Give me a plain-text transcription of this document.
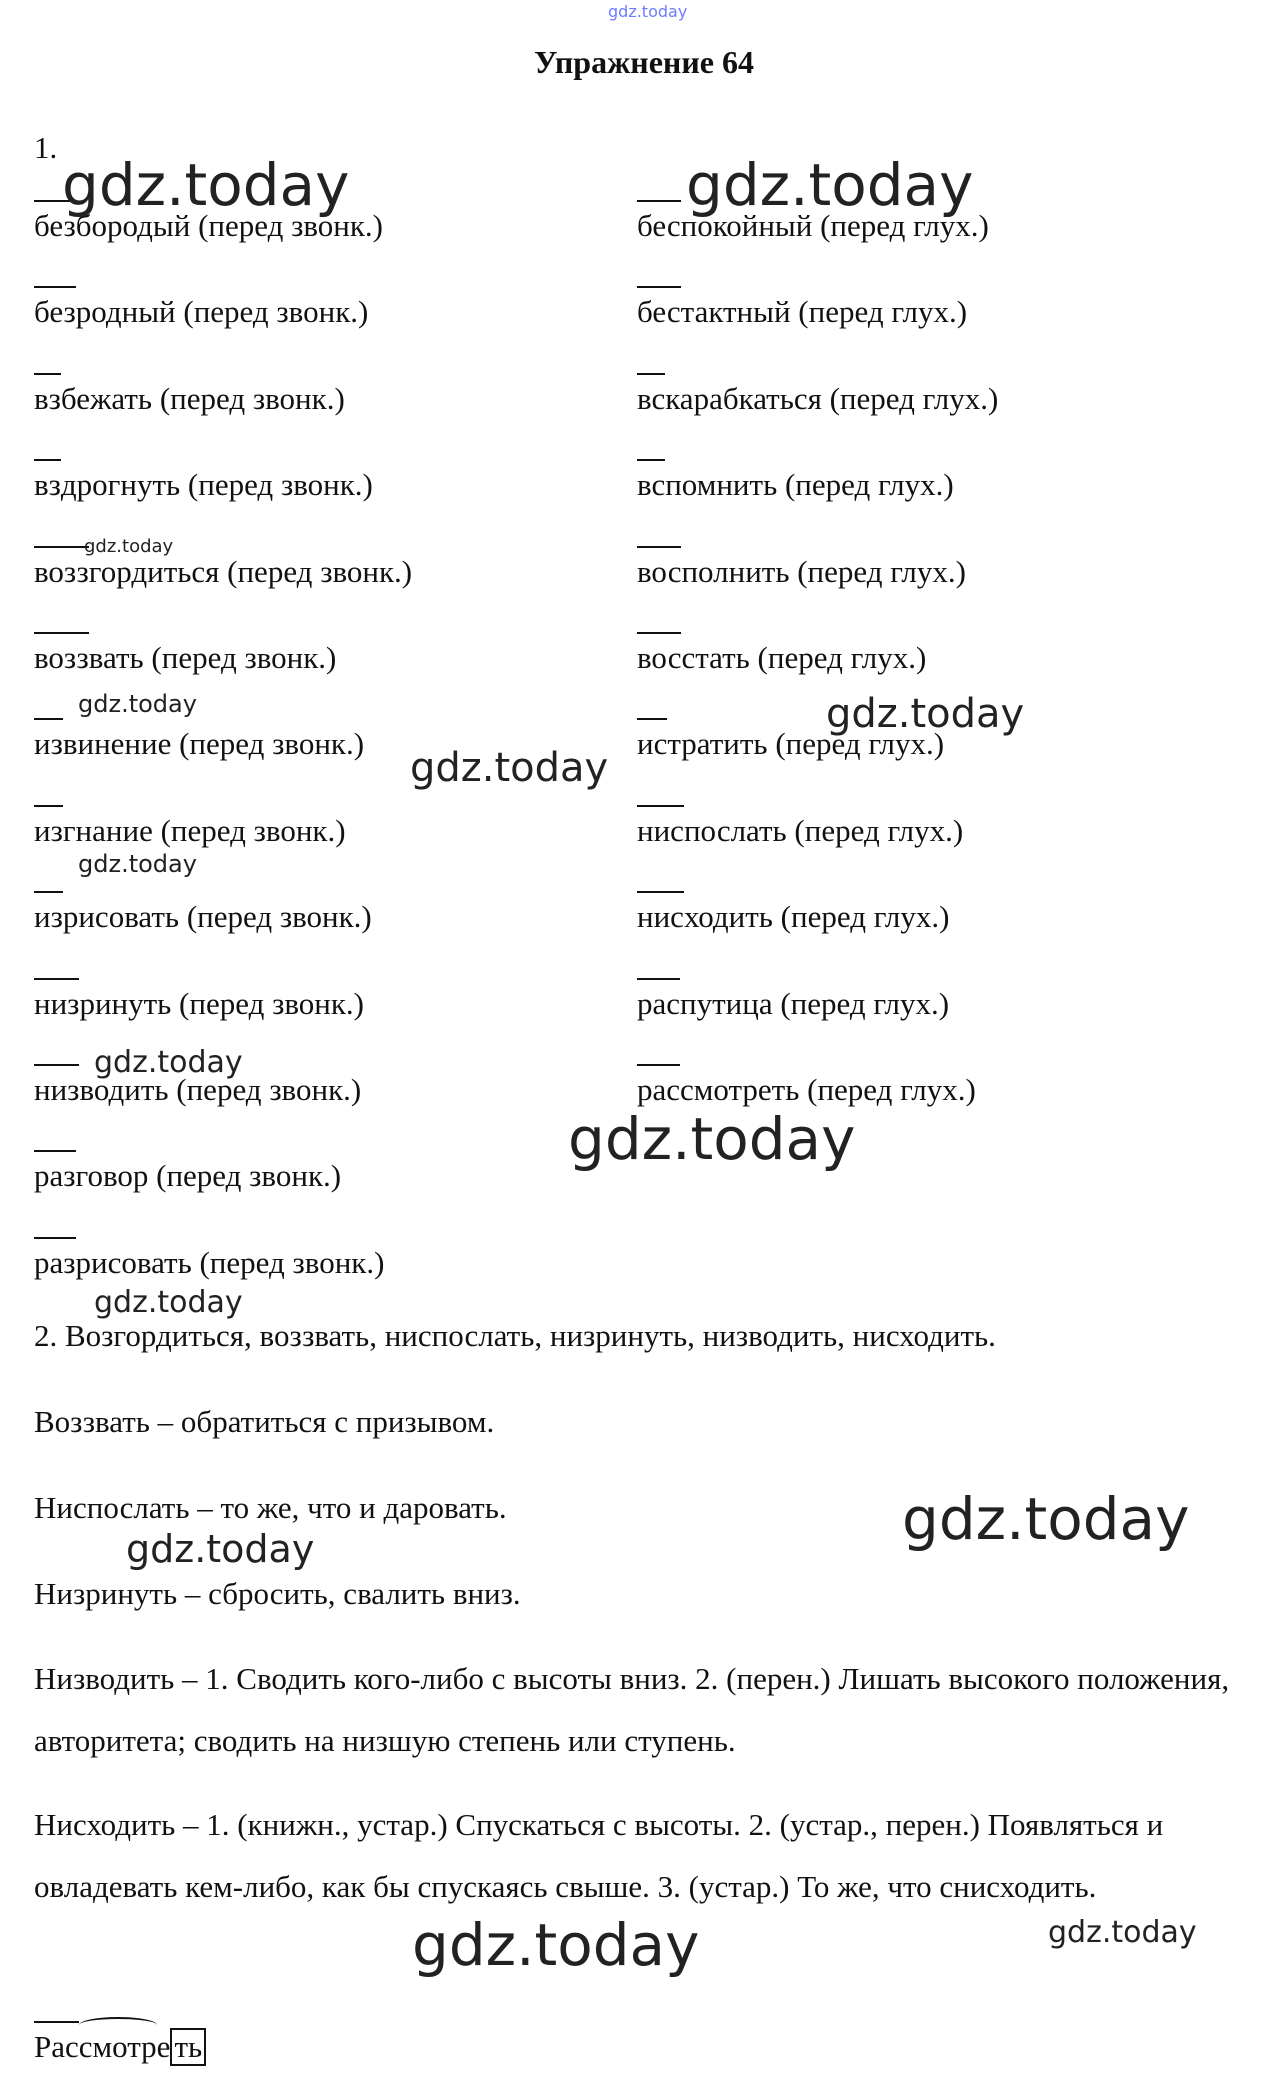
gdz.today
Упражнение 64
1.
безбородый (перед звонк.)
безродный (перед звонк.)
взбежать (перед звонк.)
вздрогнуть (перед звонк.)
воззгордиться (перед звонк.)
воззвать (перед звонк.)
извинение (перед звонк.)
изгнание (перед звонк.)
изрисовать (перед звонк.)
низринуть (перед звонк.)
низводить (перед звонк.)
разговор (перед звонк.)
разрисовать (перед звонк.)
беспокойный (перед глух.)
бестактный (перед глух.)
вскарабкаться (перед глух.)
вспомнить (перед глух.)
восполнить (перед глух.)
восстать (перед глух.)
истратить (перед глух.)
ниспослать (перед глух.)
нисходить (перед глух.)
распутица (перед глух.)
рассмотреть (перед глух.)
2. Возгордиться, воззвать, ниспослать, низринуть, низводить, нисходить.
Воззвать – обратиться с призывом.
Ниспослать – то же, что и даровать.
Низринуть – сбросить, свалить вниз.
Низводить – 1. Сводить кого-либо с высоты вниз. 2. (перен.) Лишать высокого положения, авторитета; сводить на низшую степень или ступень.
Нисходить – 1. (книжн., устар.) Спускаться с высоты. 2. (устар., перен.) Появляться и овладевать кем-либо, как бы спускаясь свыше. 3. (устар.) То же, что снисходить.
Рассмотре ть
gdz.today	gdz.today
gdz.today
gdz.today
gdz.today
gdz.today
gdz.today
gdz.today
gdz.today
gdz.today
gdz.today
gdz.today
gdz.today
gdz.today
